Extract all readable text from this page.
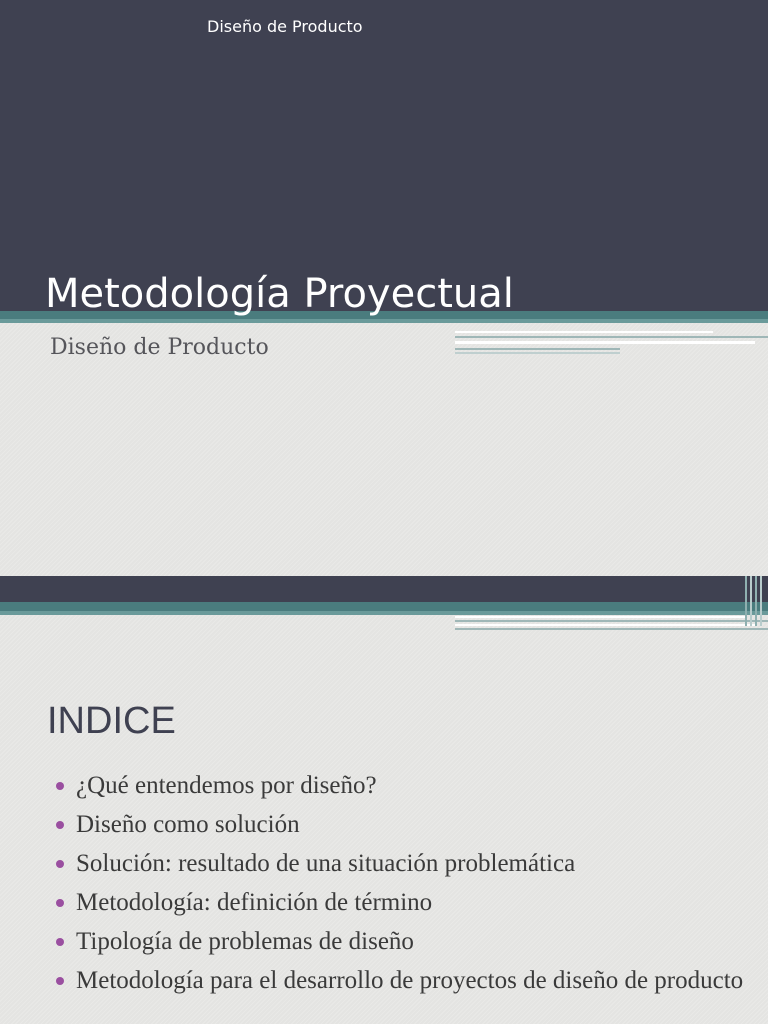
Diseño de Producto
Metodología Proyectual
Diseño de Producto
INDICE
¿Qué entendemos por diseño?
Diseño como solución
Solución: resultado de una situación problemática
Metodología: definición de término
Tipología de problemas de diseño
Metodología para el desarrollo de proyectos de diseño de producto
